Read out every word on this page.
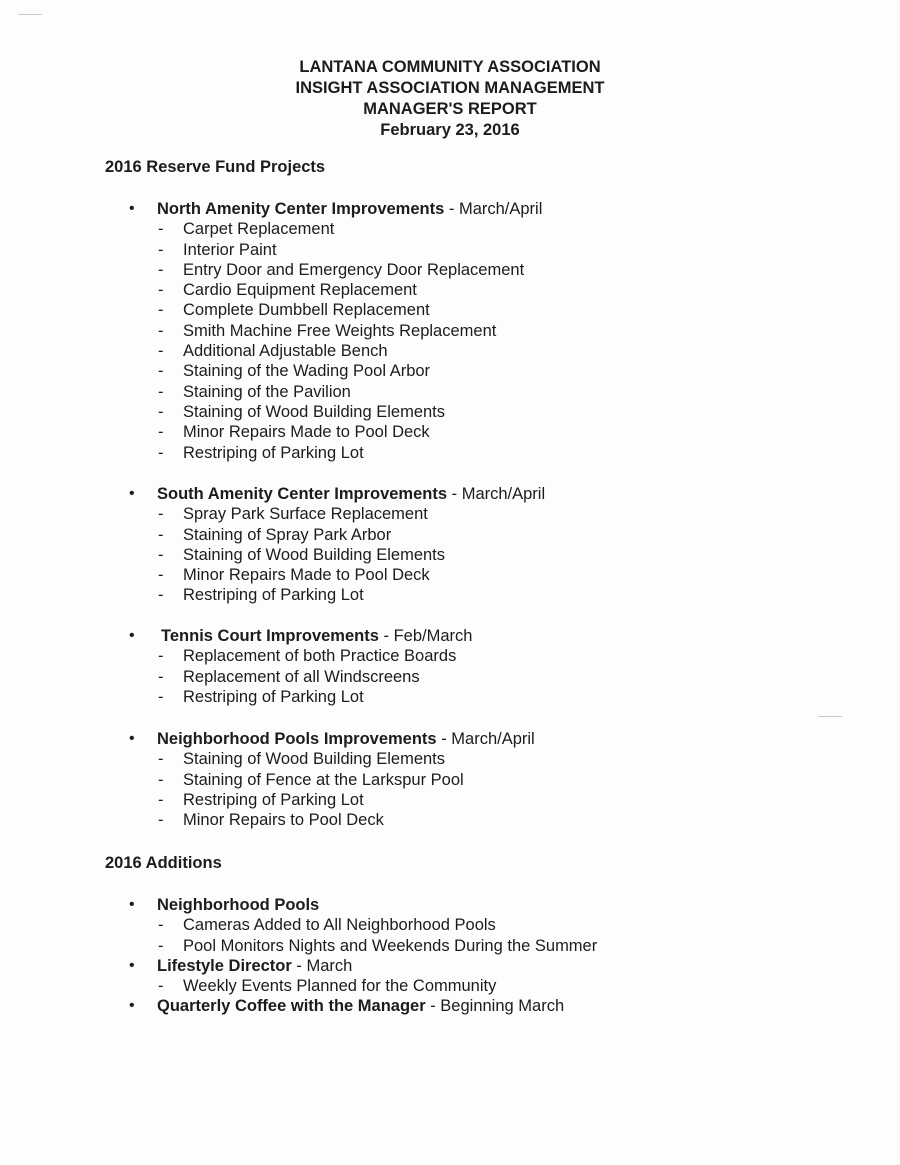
LANTANA COMMUNITY ASSOCIATION
INSIGHT ASSOCIATION MANAGEMENT
MANAGER'S REPORT
February 23, 2016
2016 Reserve Fund Projects
• North Amenity Center Improvements - March/April
- Carpet Replacement
- Interior Paint
- Entry Door and Emergency Door Replacement
- Cardio Equipment Replacement
- Complete Dumbbell Replacement
- Smith Machine Free Weights Replacement
- Additional Adjustable Bench
- Staining of the Wading Pool Arbor
- Staining of the Pavilion
- Staining of Wood Building Elements
- Minor Repairs Made to Pool Deck
- Restriping of Parking Lot
• South Amenity Center Improvements - March/April
- Spray Park Surface Replacement
- Staining of Spray Park Arbor
- Staining of Wood Building Elements
- Minor Repairs Made to Pool Deck
- Restriping of Parking Lot
• Tennis Court Improvements - Feb/March
- Replacement of both Practice Boards
- Replacement of all Windscreens
- Restriping of Parking Lot
• Neighborhood Pools Improvements - March/April
- Staining of Wood Building Elements
- Staining of Fence at the Larkspur Pool
- Restriping of Parking Lot
- Minor Repairs to Pool Deck
2016 Additions
• Neighborhood Pools
- Cameras Added to All Neighborhood Pools
- Pool Monitors Nights and Weekends During the Summer
• Lifestyle Director - March
- Weekly Events Planned for the Community
• Quarterly Coffee with the Manager - Beginning March
